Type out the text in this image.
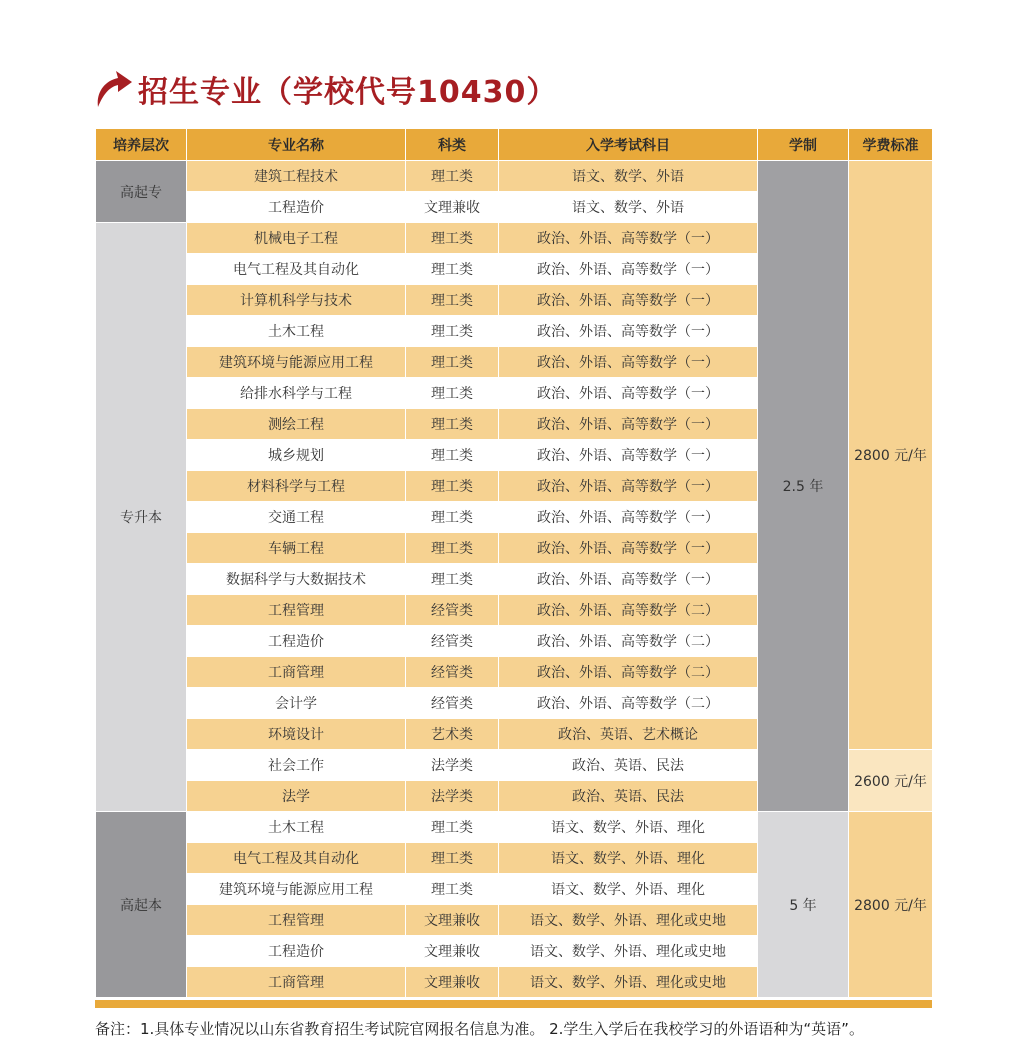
招生专业（学校代号10430）
培养层次	专业名称	科类	入学考试科目	学制	学费标准
高起专	建筑工程技术	理工类	语文、数学、外语	2.5 年	2800 元/年
	工程造价	文理兼收	语文、数学、外语		
专升本	机械电子工程	理工类	政治、外语、高等数学（一）		
	电气工程及其自动化	理工类	政治、外语、高等数学（一）		
	计算机科学与技术	理工类	政治、外语、高等数学（一）		
	土木工程	理工类	政治、外语、高等数学（一）		
	建筑环境与能源应用工程	理工类	政治、外语、高等数学（一）		
	给排水科学与工程	理工类	政治、外语、高等数学（一）		
	测绘工程	理工类	政治、外语、高等数学（一）		
	城乡规划	理工类	政治、外语、高等数学（一）		
	材料科学与工程	理工类	政治、外语、高等数学（一）		
	交通工程	理工类	政治、外语、高等数学（一）		
	车辆工程	理工类	政治、外语、高等数学（一）		
	数据科学与大数据技术	理工类	政治、外语、高等数学（一）		
	工程管理	经管类	政治、外语、高等数学（二）		
	工程造价	经管类	政治、外语、高等数学（二）		
	工商管理	经管类	政治、外语、高等数学（二）		
	会计学	经管类	政治、外语、高等数学（二）		
	环境设计	艺术类	政治、英语、艺术概论		
	社会工作	法学类	政治、英语、民法		2600 元/年
	法学	法学类	政治、英语、民法		
高起本	土木工程	理工类	语文、数学、外语、理化	5 年	2800 元/年
	电气工程及其自动化	理工类	语文、数学、外语、理化		
	建筑环境与能源应用工程	理工类	语文、数学、外语、理化		
	工程管理	文理兼收	语文、数学、外语、理化或史地		
	工程造价	文理兼收	语文、数学、外语、理化或史地		
	工商管理	文理兼收	语文、数学、外语、理化或史地		
备注：1.具体专业情况以山东省教育招生考试院官网报名信息为准。 2.学生入学后在我校学习的外语语种为“英语”。
